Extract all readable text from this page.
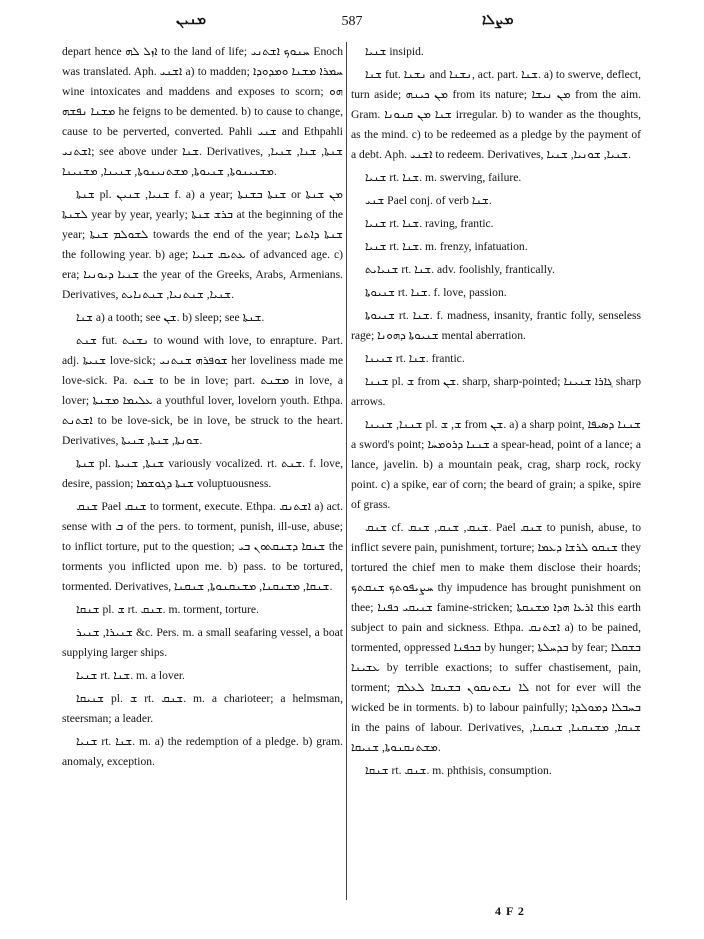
ܡܢܝܢ	587	ܡܨܠܐ
depart hence ܐܙܠ ܠܗ to the land of life; ܚܢܘܟ ܐܫܬܢܝ Enoch was translated. Aph. ܐܫܢܝ a) to madden; ܚܡܪܐ ܡܫܢܐ ܘܡܕܘܕܐ wine intoxicates and maddens and exposes to scorn; ܗܘ ܡܫܢܐ ܢܦܫܗ he feigns to be demented. b) to cause to change, cause to be perverted, converted. Pahli ܫܢܝ and Ethpahli ܐܫܬܢܝ; see above under ܫܢܐ. Derivatives, ܫܢܬܐ, ܫܢܐ, ܫܢܝܐ, ܡܫܢܝܢܘܬܐ, ܫܢܝܘܬܐ, ܡܫܬܢܝܢܘܬܐ, ܫܢܝܢܐ, ܡܫܢܝܢܐ.
ܫܢܬܐ pl. ܫܢܝܐ, ܫܢܝܢ f. a) a year; ܫܢܬܐ ܒܫܢܬܐ or ܡܢ ܫܢܬܐ ܠܫܢܬܐ year by year, yearly; ܒܪܫ ܫܢܬܐ at the beginning of the year; ܠܫܘܠܡ ܫܢܬܐ towards the end of the year; ܫܢܬܐ ܕܐܬܝܐ the following year. b) age; ܥܬܝܩ ܫܢܝܐ of advanced age. c) era; ܫܢܝܐ ܕܝܘܢܝܐ the year of the Greeks, Arabs, Armenians. Derivatives, ܫܢܝܐ, ܫܢܬܢܝܐ, ܫܢܬܢܐܝܬ.
ܫܢܐ a) a tooth; see ܫܢ. b) sleep; see ܫܢܬܐ.
ܫܢܬ fut. ܢܫܢܬ to wound with love, to enrapture. Part. adj. ܫܢܝܬܐ love-sick; ܫܘܦܪܗ ܫܢܬܢܝ her loveliness made me love-sick. Pa. ܫܢܬ to be in love; part. ܡܫܢܬ in love, a lover; ܥܠܝܡܐ ܡܫܢܬܐ a youthful lover, lovelorn youth. Ethpa. ܐܫܬܢܬ to be love-sick, be in love, be struck to the heart. Derivatives, ܫܘܢܬܐ, ܫܢܬܐ, ܫܢܝܬܐ.
ܫܢܬܐ pl. ܫܢܬܐ, ܫܢܝܬܐ variously vocalized. rt. ܫܢܬ. f. love, desire, passion; ܫܢܬܐ ܕܓܘܫܡܐ voluptuousness.
ܫܢܩ Pael ܫܢܩ to torment, execute. Ethpa. ܐܫܬܢܩ a) act. sense with ܒ of the pers. to torment, punish, ill-use, abuse; to inflict torture, put to the question; ܫܢܩܐ ܕܫܢܩܬܘܢ ܒܝ the torments you inflicted upon me. b) pass. to be tortured, tormented. Derivatives, ܫܢܩܐ, ܡܫܢܩܢܐ, ܡܫܢܩܢܘܬܐ, ܫܢܩܢܐ.
ܫܢܩܐ pl. ܫ rt. ܫܢܩ. m. torment, torture.
ܫܢܝܪܐ, ܫܢܝܪ &c. Pers. m. a small seafaring vessel, a boat supplying larger ships.
ܫܢܝܐ rt. ܫܢܐ. m. a lover.
ܫܢܝܩܐ pl. ܫ rt. ܫܢܩ. m. a charioteer; a helmsman, steersman; a leader.
ܫܢܝܐ rt. ܫܢܐ. m. a) the redemption of a pledge. b) gram. anomaly, exception.
ܫܢܝܐ insipid.
ܫܢܐ fut. ܢܫܢܐ and ܢܫܢܐ, act. part. ܫܢܐ. a) to swerve, deflect, turn aside; ܡܢ ܟܝܢܗ from its nature; ܡܢ ܢܝܫܐ from the aim. Gram. ܫܢܐ ܡܢ ܩܢܘܢܐ irregular. b) to wander as the thoughts, as the mind. c) to be redeemed as a pledge by the payment of a debt. Aph. ܐܫܢܝ to redeem. Derivatives, ܫܢܝܐ, ܫܘܢܝܐ, ܫܢܝܐ.
ܫܢܝܐ rt. ܫܢܐ. m. swerving, failure.
ܫܢܝ Pael conj. of verb ܫܢܐ.
ܫܢܝܐ rt. ܫܢܐ. raving, frantic.
ܫܢܝܐ rt. ܫܢܐ. m. frenzy, infatuation.
ܫܢܝܐܝܬ rt. ܫܢܐ. adv. foolishly, frantically.
ܫܢܝܘܬܐ rt. ܫܢܐ. f. love, passion.
ܫܢܝܘܬܐ rt. ܫܢܐ. f. madness, insanity, frantic folly, senseless rage; ܫܢܝܘܬܐ ܕܗܘܢܐ mental aberration.
ܫܢܝܢܐ rt. ܫܢܐ. frantic.
ܫܢܢܐ pl. ܫ from ܫܢ. sharp, sharp-pointed; ܓܐܪܐ ܫܢܝܢܐ sharp arrows.
ܫܢܢܐ, ܫܢܝܢܐ pl. ܫ, ܫ from ܫܢ. a) a sharp point, ܫܢܢܐ ܕܣܝܦܐ a sword's point; ܫܢܢܐ ܕܪܘܡܚܐ a spear-head, point of a lance; a lance, javelin. b) a mountain peak, crag, sharp rock, rocky point. c) a spike, ear of corn; the beard of grain; a spike, spire of grass.
ܫܢܩ cf. ܫܢܩ, ܫܢܩ, ܫܢܩ. Pael ܫܢܩ to punish, abuse, to inflict severe pain, punishment, torture; ܫܢܩܘ ܠܪܫܐ ܕܥܡܐ they tortured the chief men to make them disclose their hoards; ܚܨܝܦܘܬܟ ܫܢܩܬܟ thy impudence has brought punishment on thee; ܫܢܝܩܝ ܟܦܢܐ famine-stricken; ܐܪܥܐ ܗܕܐ ܡܫܢܩܬܐ this earth subject to pain and sickness. Ethpa. ܐܫܬܢܩ a) to be pained, tormented, oppressed ܒܟܦܢܐ by hunger; ܒܕܚܠܬܐ by fear; ܒܫܩܠܐ ܥܫܝܢܐ by terrible exactions; to suffer chastisement, pain, torment; ܠܐ ܢܫܬܢܩܘܢ ܒܫܢܩܐ ܠܥܠܡ not for ever will the wicked be in torments. b) to labour painfully; ܒܚܒܠܐ ܕܡܘܠܕܐ in the pains of labour. Derivatives, ܫܢܩܐ, ܡܫܢܩܢܐ, ܫܢܩܢܐ, ܡܫܬܢܩܢܘܬܐ, ܫܢܝܩܐ.
ܫܢܩܐ rt. ܫܢܩ. m. phthisis, consumption.
4 F 2
